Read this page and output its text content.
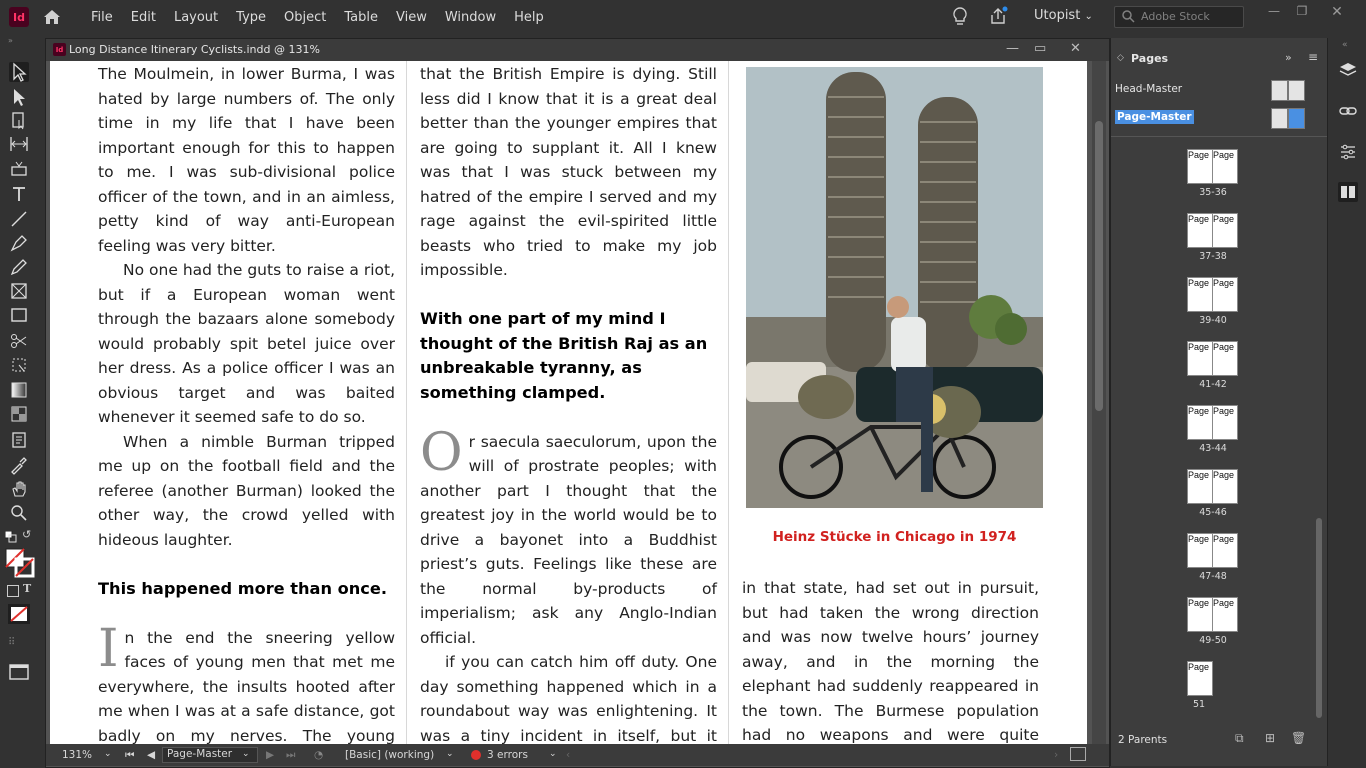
Id	File	Edit	Layout	Type	Object	Table	View	Window	Help	Utopist ⌄	Adobe Stock	—	❐	✕
»
↺
T
⠿
Id Long Distance Itinerary Cyclists.indd @ 131%	— ▭ ✕

The Moulmein, in lower Burma, I was hated by large numbers of. The only time in my life that I have been important enough for this to happen to me. I was sub-divisional police officer of the town, and in an aimless, petty kind of way anti-European feeling was very bitter.

No one had the guts to raise a riot, but if a European woman went through the bazaars alone somebody would probably spit betel juice over her dress. As a police officer I was an obvious target and was baited whenever it seemed safe to do so.

When a nimble Burman tripped me up on the football field and the referee (another Burman) looked the other way, the crowd yelled with hideous laughter.

This happened more than once.

In the end the sneering yellow faces of young men that met me everywhere, the insults hooted after me when I was at a safe distance, got badly on my nerves. The young

that the British Empire is dying. Still less did I know that it is a great deal better than the younger empires that are going to supplant it. All I knew was that I was stuck between my hatred of the empire I served and my rage against the evil-spirited little beasts who tried to make my job impossible.

With one part of my mind I thought of the British Raj as an unbreakable tyranny, as something clamped.

Or saecula saeculorum, upon the will of prostrate peoples; with another part I thought that the greatest joy in the world would be to drive a bayonet into a Buddhist priest’s guts. Feelings like these are the normal by-products of imperialism; ask any Anglo-Indian official.

if you can catch him off duty. One day something happened which in a roundabout way was enlightening. It was a tiny incident in itself, but it

Heinz Stücke in Chicago in 1974

in that state, had set out in pursuit, but had taken the wrong direction and was now twelve hours’ journey away, and in the morning the elephant had suddenly reappeared in the town. The Burmese population had no weapons and were quite

131% ⌄ ⏮ ◀	Page-Master	⌄ ▶ ⏭ ◔ [Basic] (working) ⌄	3 errors ⌄ ‹	›
◇ Pages	» ≡
Head-Master
Page-Master
Page Page
35-36
Page Page
37-38
Page Page
39-40
Page Page
41-42
Page Page
43-44
Page Page
45-46
Page Page
47-48
Page Page
49-50
Page
51
2 Parents	⧉ ⊞ 🗑
«
